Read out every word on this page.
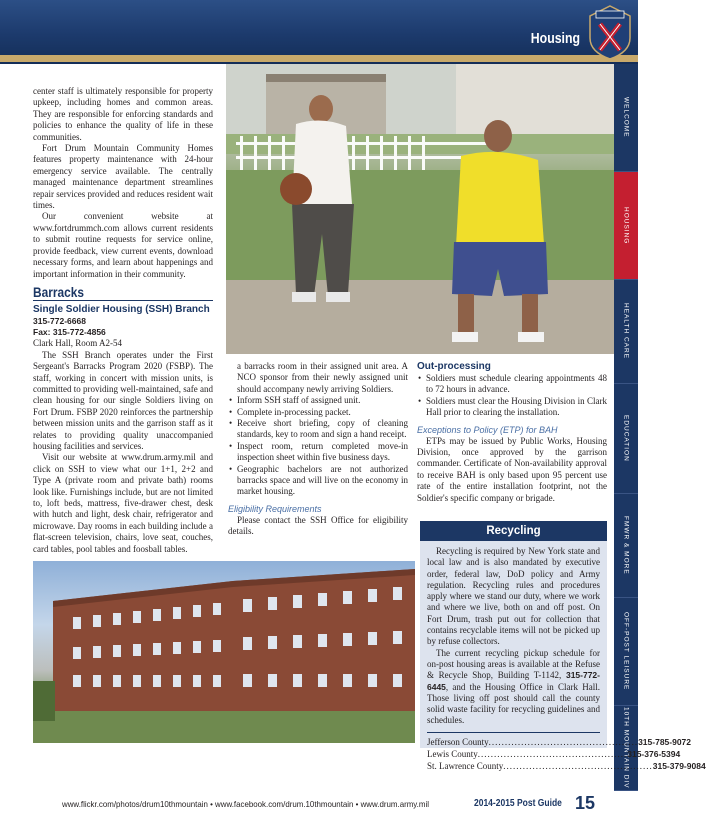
Housing
WELCOME
HOUSING
HEALTH CARE
EDUCATION
FMWR & MORE
OFF-POST LEISURE
10TH MOUNTAIN DIV

center staff is ultimately responsible for property upkeep, including homes and common areas. They are responsible for enforcing standards and policies to enhance the quality of life in these communities.

Fort Drum Mountain Community Homes features property maintenance with 24-hour emergency service available. The centrally managed maintenance department streamlines repair services provided and reduces resident wait times.

Our convenient website at www.fortdrummch.com allows current residents to submit routine requests for service online, provide feedback, view current events, download necessary forms, and learn about happenings and important information in their community.

Barracks
Single Soldier Housing (SSH) Branch
315-772-6668
Fax: 315-772-4856

Clark Hall, Room A2-54

The SSH Branch operates under the First Sergeant's Barracks Program 2020 (FSBP). The staff, working in concert with mission units, is committed to providing well-maintained, safe and clean housing for our single Soldiers living on Fort Drum. FSBP 2020 reinforces the partnership between mission units and the garrison staff as it relates to providing quality unaccompanied housing facilities and services.

Visit our website at www.drum.army.mil and click on SSH to view what our 1+1, 2+2 and Type A (private room and private bath) rooms look like. Furnishings include, but are not limited to, loft beds, mattress, five-drawer chest, desk with hutch and light, desk chair, refrigerator and microwave. Day rooms in each building include a flat-screen television, chairs, love seat, couches, card tables, pool tables and foosball tables.

•

a barracks room in their assigned unit area. A NCO sponsor from their newly assigned unit should accompany newly arriving Soldiers.

• Inform SSH staff of assigned unit.
• Complete in-processing packet.
• Receive short briefing, copy of cleaning standards, key to room and sign a hand receipt.
• Inspect room, return completed move-in inspection sheet within five business days.
• Geographic bachelors are not authorized barracks space and will live on the economy in market housing.
Eligibility Requirements

Please contact the SSH Office for eligibility details.

Out-processing
• Soldiers must schedule clearing appointments 48 to 72 hours in advance.
• Soldiers must clear the Housing Division in Clark Hall prior to clearing the installation.
Exceptions to Policy (ETP) for BAH

ETPs may be issued by Public Works, Housing Division, once approved by the garrison commander. Certificate of Non-availability approval to receive BAH is only based upon 95 percent use rate of the entire installation footprint, not the Soldier's specific company or brigade.

Recycling

Recycling is required by New York state and local law and is also mandated by executive order, federal law, DoD policy and Army regulation. Recycling rules and procedures apply where we stand our duty, where we work and where we live, both on and off post. On Fort Drum, trash put out for collection that contains recyclable items will not be picked up by refuse collectors.

The current recycling pickup schedule for on-post housing areas is available at the Refuse & Recycle Shop, Building T-1142, 315-772-6445, and the Housing Office in Clark Hall. Those living off post should call the county solid waste facility for recycling guidelines and schedules.

Jefferson County .............................................. 315-785-9072
Lewis County .............................................. 315-376-5394
St. Lawrence County .............................................. 315-379-9084
www.flickr.com/photos/drum10thmountain • www.facebook.com/drum.10thmountain • www.drum.army.mil	2014-2015 Post Guide 15
